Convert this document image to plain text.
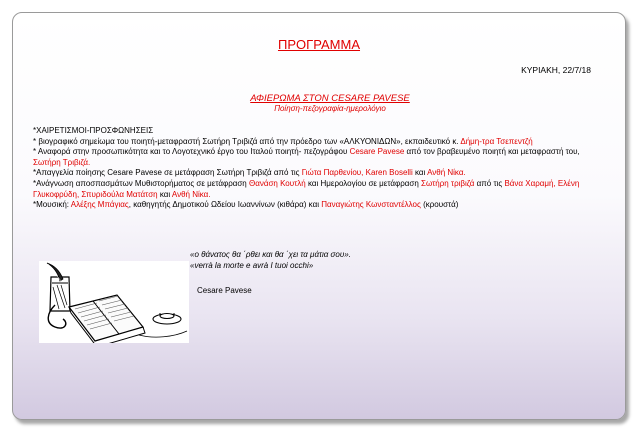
ΠΡΟΓΡΑΜΜΑ
ΚΥΡΙΑΚΗ, 22/7/18
ΑΦΙΕΡΩΜΑ ΣΤΟΝ CESARE PAVESE
Ποίηση-πεζογραφία-ημερολόγιο

*ΧΑΙΡΕΤΙΣΜΟΙ-ΠΡΟΣΦΩΝΗΣΕΙΣ

* βιογραφικό σημείωμα του ποιητή-μεταφραστή Σωτήρη Τριβιζά από την πρόεδρο των «ΑΛΚΥΟΝΙΔΩΝ», εκπαιδευτικό κ. Δήμη-τρα Τσεπεντζή

* Αναφορά στην προσωπικότητα και το Λογοτεχνικό έργο του Ιταλού ποιητή- πεζογράφου Cesare Pavese από τον βραβευμένο ποιητή και μεταφραστή του, Σωτήρη Τριβιζά.

*Απαγγελία ποίησης Cesare Pavese σε μετάφραση Σωτήρη Τριβιζά από τις Γιώτα Παρθενίου, Karen Boselli και Ανθή Νίκα.

*Ανάγνωση αποσπασμάτων Μυθιστορήματος σε μετάφραση Θανάση Κουτλή και Ημερολογίου σε μετάφραση Σωτήρη τριβιζά από τις Βάνα Χαραμή, Ελένη Γλυκοφρύδη, Σπυριδούλα Ματάτση και Ανθή Νίκα.

*Μουσική: Αλέξης Μπάγιας, καθηγητής Δημοτικού Ωδείου Ιωαννίνων (κιθάρα) και Παναγιώτης Κωνσταντέλλος (κρουστά)

«ο θάνατος θα ΄ρθει και θα ΄χει τα μάτια σου».

«verrà la morte e avrà I tuoi occhi»

Cesare Pavese
